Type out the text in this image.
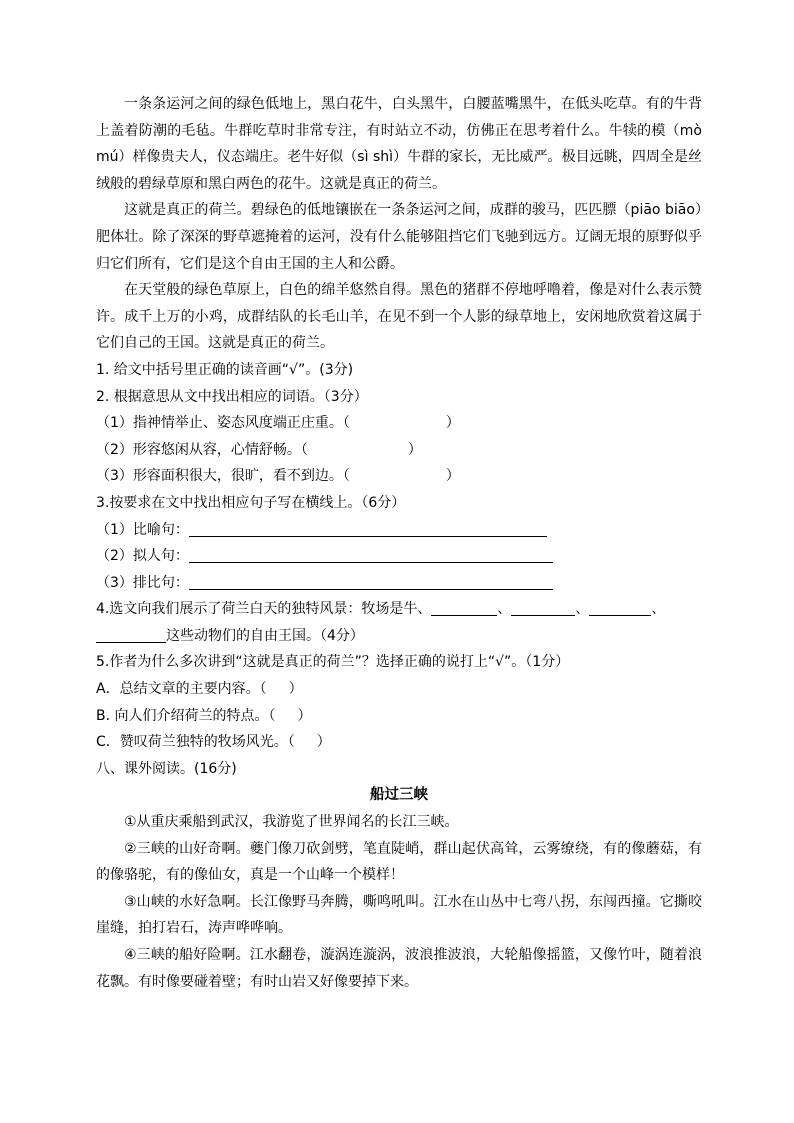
一条条运河之间的绿色低地上，黑白花牛，白头黑牛，白腰蓝嘴黑牛，在低头吃草。有的牛背上盖着防潮的毛毡。牛群吃草时非常专注，有时站立不动，仿佛正在思考着什么。牛犊的模（mò mú）样像贵夫人，仪态端庄。老牛好似（sì shì）牛群的家长，无比威严。极目远眺，四周全是丝绒般的碧绿草原和黑白两色的花牛。这就是真正的荷兰。

这就是真正的荷兰。碧绿色的低地镶嵌在一条条运河之间，成群的骏马，匹匹膘（piāo biāo）肥体壮。除了深深的野草遮掩着的运河，没有什么能够阻挡它们飞驰到远方。辽阔无垠的原野似乎归它们所有，它们是这个自由王国的主人和公爵。

在天堂般的绿色草原上，白色的绵羊悠然自得。黑色的猪群不停地呼噜着，像是对什么表示赞许。成千上万的小鸡，成群结队的长毛山羊，在见不到一个人影的绿草地上，安闲地欣赏着这属于它们自己的王国。这就是真正的荷兰。

1. 给文中括号里正确的读音画“√”。(3分)
2. 根据意思从文中找出相应的词语。（3分）
（1）指神情举止、姿态风度端正庄重。（	）
（2）形容悠闲从容，心情舒畅。（	）
（3）形容面积很大，很旷，看不到边。（	）
3.按要求在文中找出相应句子写在横线上。（6分）
（1）比喻句：
（2）拟人句：
（3）排比句：
4.选文向我们展示了荷兰白天的独特风景：牧场是牛、	、	、	、
这些动物们的自由王国。（4分）
5.作者为什么多次讲到“这就是真正的荷兰”？选择正确的说打上“√”。（1分）
A．总结文章的主要内容。（ ）
B. 向人们介绍荷兰的特点。（ ）
C．赞叹荷兰独特的牧场风光。（ ）
八、课外阅读。(16分)
船过三峡

①从重庆乘船到武汉，我游览了世界闻名的长江三峡。

②三峡的山好奇啊。夔门像刀砍剑劈，笔直陡峭，群山起伏高耸，云雾缭绕，有的像蘑菇，有的像骆驼，有的像仙女，真是一个山峰一个模样！

③山峡的水好急啊。长江像野马奔腾，嘶鸣吼叫。江水在山丛中七弯八拐，东闯西撞。它撕咬崖缝，拍打岩石，涛声哗哗响。

④三峡的船好险啊。江水翻卷，漩涡连漩涡，波浪推波浪，大轮船像摇篮，又像竹叶，随着浪花飘。有时像要碰着壁；有时山岩又好像要掉下来。
